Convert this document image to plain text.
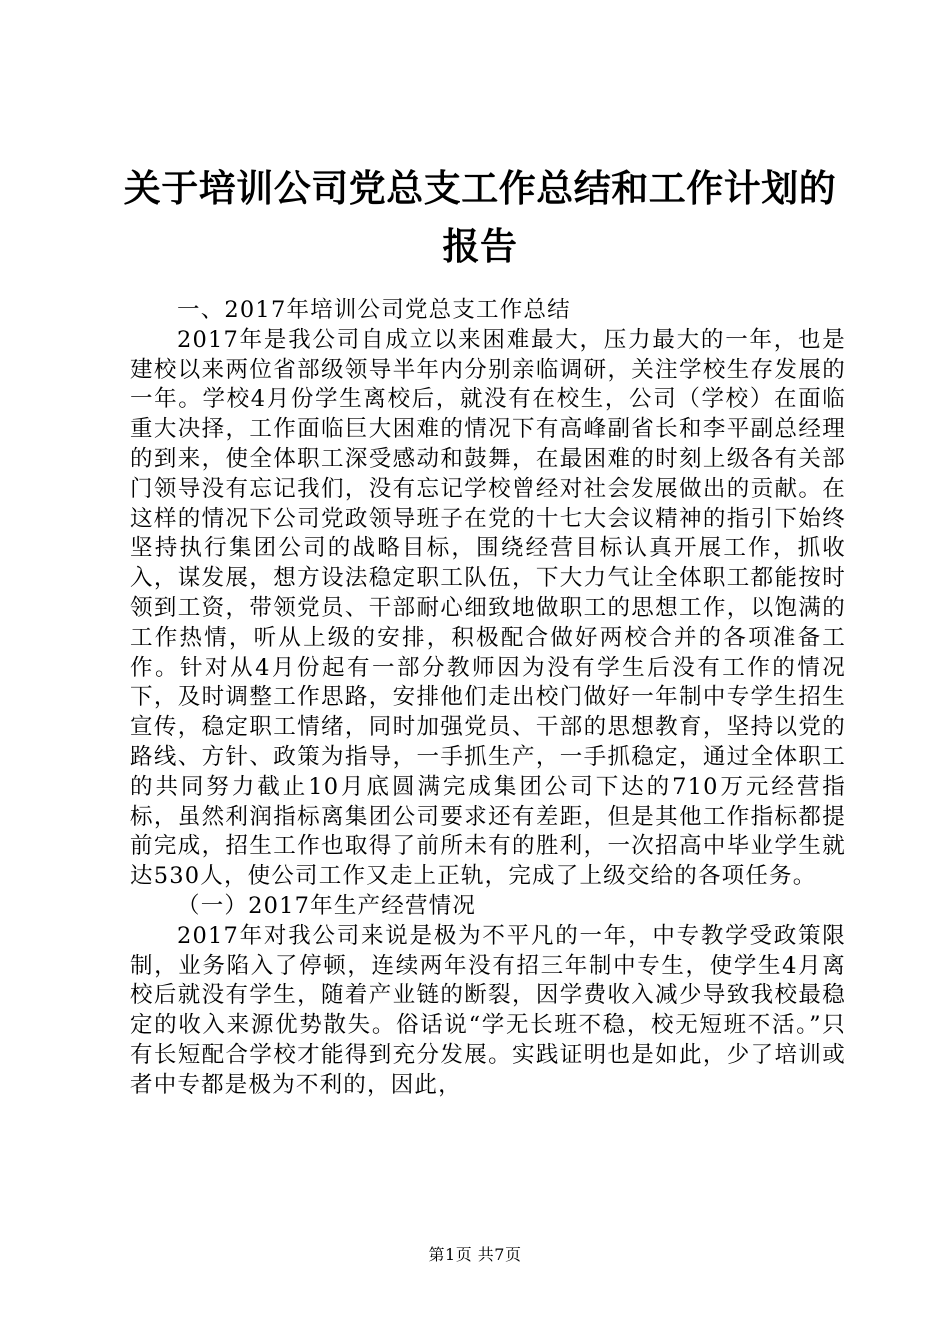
关于培训公司党总支工作总结和工作计划的报告

一、2017年培训公司党总支工作总结

2017年是我公司自成立以来困难最大，压力最大的一年，也是建校以来两位省部级领导半年内分别亲临调研，关注学校生存发展的一年。学校4月份学生离校后，就没有在校生，公司（学校）在面临重大决择，工作面临巨大困难的情况下有高峰副省长和李平副总经理的到来，使全体职工深受感动和鼓舞，在最困难的时刻上级各有关部门领导没有忘记我们，没有忘记学校曾经对社会发展做出的贡献。在这样的情况下公司党政领导班子在党的十七大会议精神的指引下始终坚持执行集团公司的战略目标，围绕经营目标认真开展工作，抓收入，谋发展，想方设法稳定职工队伍，下大力气让全体职工都能按时领到工资，带领党员、干部耐心细致地做职工的思想工作，以饱满的工作热情，听从上级的安排，积极配合做好两校合并的各项准备工作。针对从4月份起有一部分教师因为没有学生后没有工作的情况下，及时调整工作思路，安排他们走出校门做好一年制中专学生招生宣传，稳定职工情绪，同时加强党员、干部的思想教育，坚持以党的路线、方针、政策为指导，一手抓生产，一手抓稳定，通过全体职工的共同努力截止10月底圆满完成集团公司下达的710万元经营指标，虽然利润指标离集团公司要求还有差距，但是其他工作指标都提前完成，招生工作也取得了前所未有的胜利，一次招高中毕业学生就达530人，使公司工作又走上正轨，完成了上级交给的各项任务。

（一）2017年生产经营情况

2017年对我公司来说是极为不平凡的一年，中专教学受政策限制，业务陷入了停顿，连续两年没有招三年制中专生，使学生4月离校后就没有学生，随着产业链的断裂，因学费收入减少导致我校最稳定的收入来源优势散失。俗话说“学无长班不稳，校无短班不活。”只有长短配合学校才能得到充分发展。实践证明也是如此，少了培训或者中专都是极为不利的，因此，

第1页 共7页
